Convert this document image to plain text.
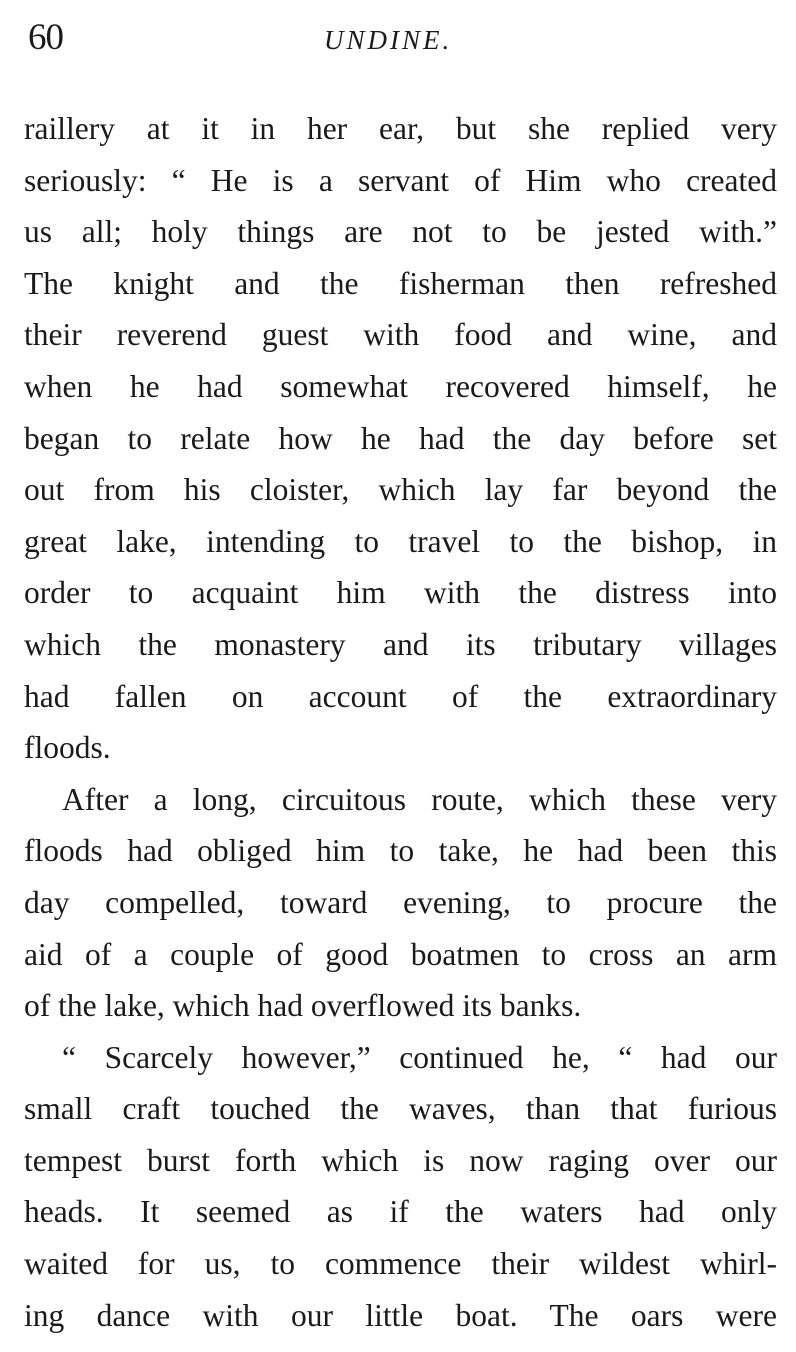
60	UNDINE.
raillery at it in her ear, but she replied very
seriously: “ He is a servant of Him who created
us all; holy things are not to be jested with.”
The knight and the fisherman then refreshed
their reverend guest with food and wine, and
when he had somewhat recovered himself, he
began to relate how he had the day before set
out from his cloister, which lay far beyond the
great lake, intending to travel to the bishop, in
order to acquaint him with the distress into
which the monastery and its tributary villages
had fallen on account of the extraordinary
floods.
After a long, circuitous route, which these very
floods had obliged him to take, he had been this
day compelled, toward evening, to procure the
aid of a couple of good boatmen to cross an arm
of the lake, which had overflowed its banks.
“ Scarcely however,” continued he, “ had our
small craft touched the waves, than that furious
tempest burst forth which is now raging over our
heads. It seemed as if the waters had only
waited for us, to commence their wildest whirl-
ing dance with our little boat. The oars were
